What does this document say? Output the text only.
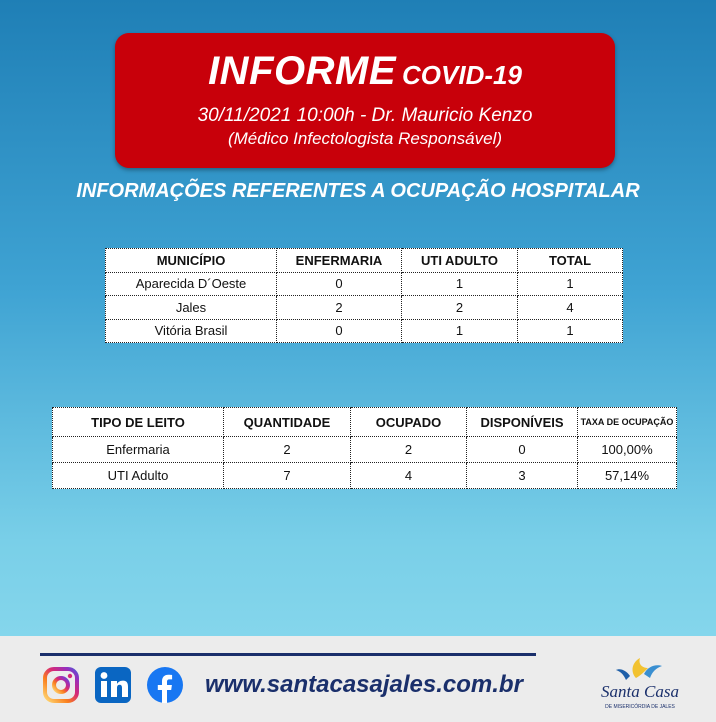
INFORME COVID-19
30/11/2021 10:00h - Dr. Mauricio Kenzo
(Médico Infectologista Responsável)
INFORMAÇÕES REFERENTES A OCUPAÇÃO HOSPITALAR
MUNICÍPIO	ENFERMARIA	UTI ADULTO	TOTAL
Aparecida D´Oeste	0	1	1
Jales	2	2	4
Vitória Brasil	0	1	1
TIPO DE LEITO	QUANTIDADE	OCUPADO	DISPONÍVEIS	TAXA DE OCUPAÇÃO
Enfermaria	2	2	0	100,00%
UTI Adulto	7	4	3	57,14%
www.santacasajales.com.br	Santa Casa
DE MISERICÓRDIA DE JALES
